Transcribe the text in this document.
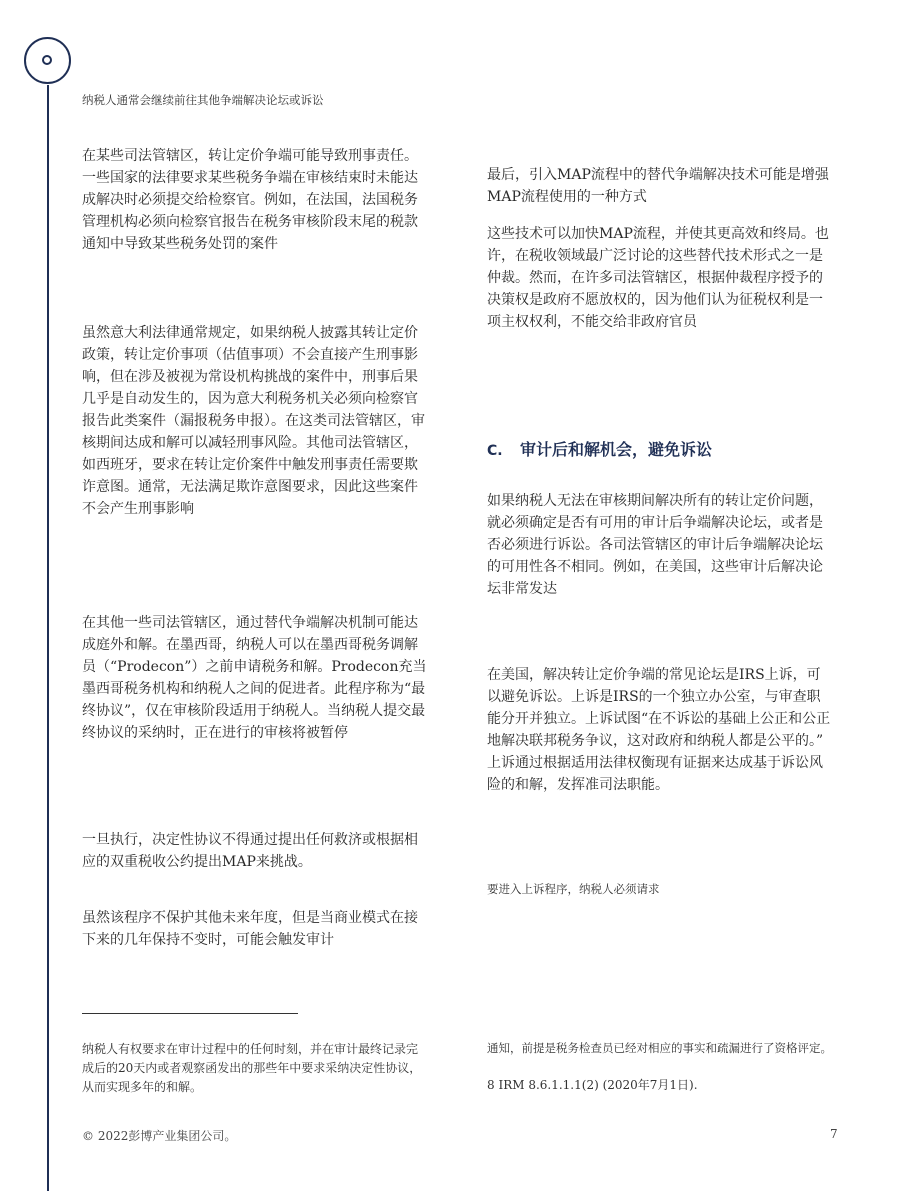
纳税人通常会继续前往其他争端解决论坛或诉讼

在某些司法管辖区，转让定价争端可能导致刑事责任。一些国家的法律要求某些税务争端在审核结束时未能达成解决时必须提交给检察官。例如，在法国，法国税务管理机构必须向检察官报告在税务审核阶段末尾的税款通知中导致某些税务处罚的案件

虽然意大利法律通常规定，如果纳税人披露其转让定价政策，转让定价事项（估值事项）不会直接产生刑事影响，但在涉及被视为常设机构挑战的案件中，刑事后果几乎是自动发生的，因为意大利税务机关必须向检察官报告此类案件（漏报税务申报）。在这类司法管辖区，审核期间达成和解可以减轻刑事风险。其他司法管辖区，如西班牙，要求在转让定价案件中触发刑事责任需要欺诈意图。通常，无法满足欺诈意图要求，因此这些案件不会产生刑事影响

在其他一些司法管辖区，通过替代争端解决机制可能达成庭外和解。在墨西哥，纳税人可以在墨西哥税务调解员（“Prodecon”）之前申请税务和解。Prodecon充当墨西哥税务机构和纳税人之间的促进者。此程序称为“最终协议”，仅在审核阶段适用于纳税人。当纳税人提交最终协议的采纳时，正在进行的审核将被暂停

一旦执行，决定性协议不得通过提出任何救济或根据相应的双重税收公约提出MAP来挑战。

虽然该程序不保护其他未来年度，但是当商业模式在接下来的几年保持不变时，可能会触发审计

最后，引入MAP流程中的替代争端解决技术可能是增强MAP流程使用的一种方式

这些技术可以加快MAP流程，并使其更高效和终局。也许，在税收领域最广泛讨论的这些替代技术形式之一是仲裁。然而，在许多司法管辖区，根据仲裁程序授予的决策权是政府不愿放权的，因为他们认为征税权利是一项主权权利，不能交给非政府官员

C.	审计后和解机会，避免诉讼

如果纳税人无法在审核期间解决所有的转让定价问题，就必须确定是否有可用的审计后争端解决论坛，或者是否必须进行诉讼。各司法管辖区的审计后争端解决论坛的可用性各不相同。例如，在美国，这些审计后解决论坛非常发达

在美国，解决转让定价争端的常见论坛是IRS上诉，可以避免诉讼。上诉是IRS的一个独立办公室，与审查职能分开并独立。上诉试图“在不诉讼的基础上公正和公正地解决联邦税务争议，这对政府和纳税人都是公平的。” 上诉通过根据适用法律权衡现有证据来达成基于诉讼风险的和解，发挥准司法职能。

要进入上诉程序，纳税人必须请求

纳税人有权要求在审计过程中的任何时刻，并在审计最终记录完成后的20天内或者观察函发出的那些年中要求采纳决定性协议，从而实现多年的和解。

通知，前提是税务检查员已经对相应的事实和疏漏进行了资格评定。

8 IRM 8.6.1.1.1(2) (2020年7月1日).

© 2022彭博产业集团公司。	7
